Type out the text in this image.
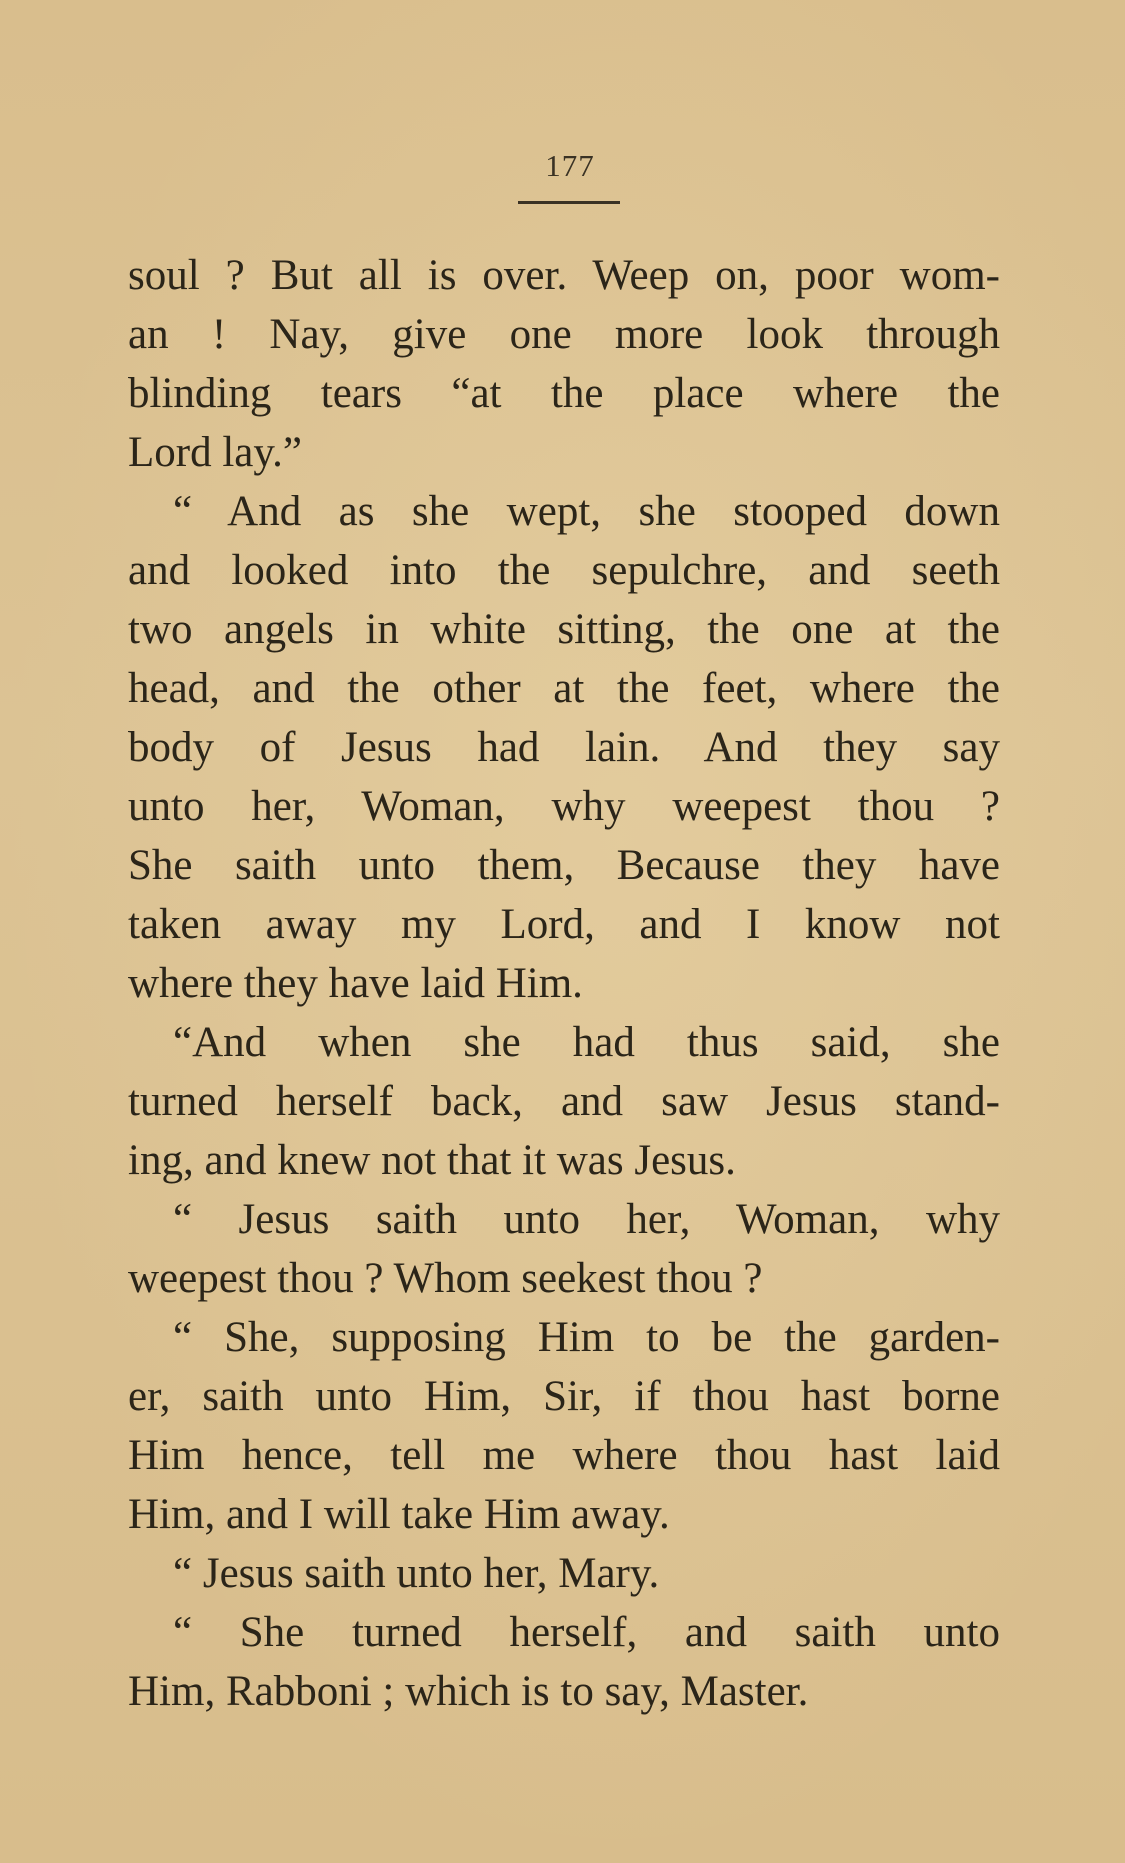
177
soul ? But all is over. Weep on, poor wom-
an ! Nay, give one more look through
blinding tears “at the place where the
Lord lay.”
“ And as she wept, she stooped down
and looked into the sepulchre, and seeth
two angels in white sitting, the one at the
head, and the other at the feet, where the
body of Jesus had lain. And they say
unto her, Woman, why weepest thou ?
She saith unto them, Because they have
taken away my Lord, and I know not
where they have laid Him.
“And when she had thus said, she
turned herself back, and saw Jesus stand-
ing, and knew not that it was Jesus.
“ Jesus saith unto her, Woman, why
weepest thou ? Whom seekest thou ?
“ She, supposing Him to be the garden-
er, saith unto Him, Sir, if thou hast borne
Him hence, tell me where thou hast laid
Him, and I will take Him away.
“ Jesus saith unto her, Mary.
“ She turned herself, and saith unto
Him, Rabboni ; which is to say, Master.
